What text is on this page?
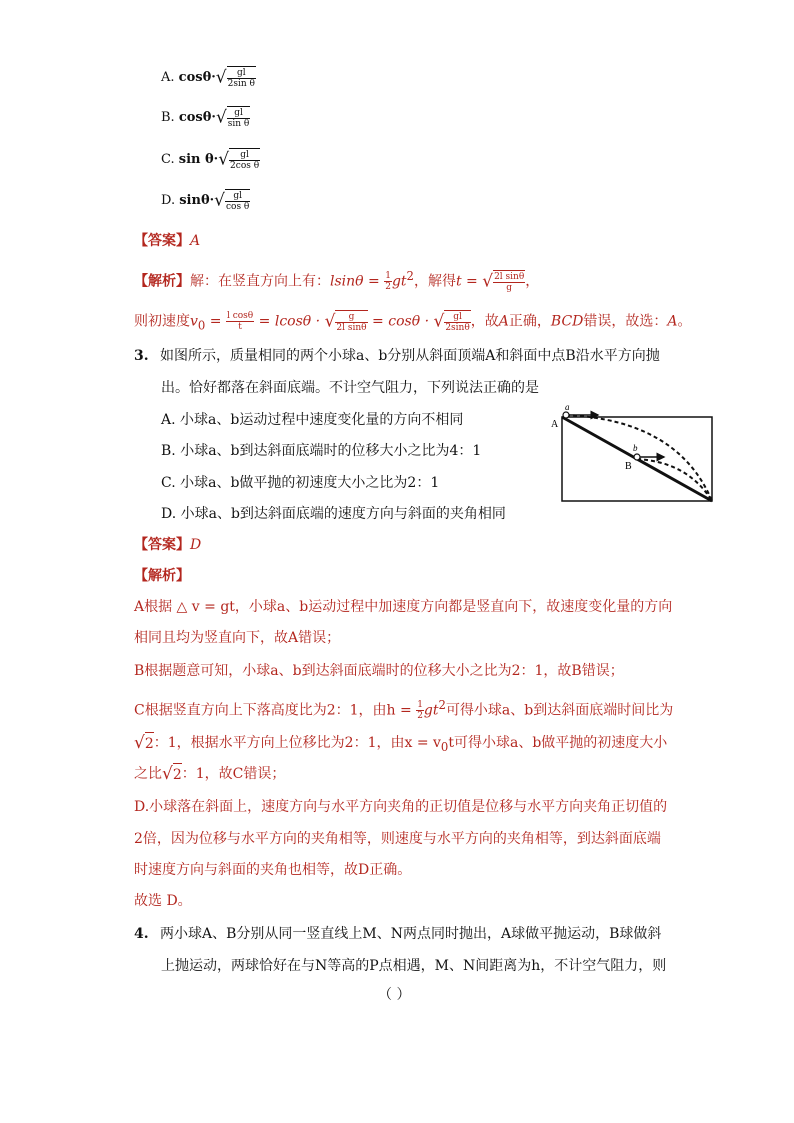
A. $\cos\theta\cdot√ \frac{gl}{\text{2sin θ}}$
B. $\cos\theta\cdot√ \frac{gl}{\text{sin θ}}$
C. $\sin \theta\cdot√ \frac{gl}{\text{2cos θ}}$
D. $\sin\theta\cdot√ \frac{gl}{\text{cos θ}}$
【答案】A
【解析】解：在竖直方向上有：$lsin\theta = \frac{1}{2} gt^2$，解得t = √ $\frac{\text{2l sinθ}}{g}$ ，
则初速度$v_0 = \frac{\text{l cosθ}}{t} = lcos\theta$ · √ $\frac{g}{\text{2l sinθ}} = \cos\theta$ · √ $\frac{gl}{2\sin\theta}$ ，故A正确，BCD错误，故选：A。
3. 如图所示，质量相同的两个小球a、b分别从斜面顶端A和斜面中点B沿水平方向抛
出。恰好都落在斜面底端。不计空气阻力，下列说法正确的是
A. 小球a、b运动过程中速度变化量的方向不相同
B. 小球a、b到达斜面底端时的位移大小之比为4：1
C. 小球a、b做平抛的初速度大小之比为2：1
D. 小球a、b到达斜面底端的速度方向与斜面的夹角相同
a
A
b
B
【答案】D
【解析】
A根据 △ v = gt，小球a、b运动过程中加速度方向都是竖直向下，故速度变化量的方向
相同且均为竖直向下，故A错误；
B根据题意可知，小球a、b到达斜面底端时的位移大小之比为2：1，故B错误；
C根据竖直方向上下落高度比为2：1，由$h = \frac{1}{2} gt^2$可得小球a、b到达斜面底端时间比为
√2：1，根据水平方向上位移比为2：1，由$x = v_0t$可得小球a、b做平抛的初速度大小
之比√2：1，故C错误；
D.小球落在斜面上，速度方向与水平方向夹角的正切值是位移与水平方向夹角正切值的
2倍，因为位移与水平方向的夹角相等，则速度与水平方向的夹角相等，到达斜面底端
时速度方向与斜面的夹角也相等，故D正确。
故选 D。
4. 两小球A、B分别从同一竖直线上M、N两点同时抛出，A球做平抛运动，B球做斜
上抛运动，两球恰好在与N等高的P点相遇，M、N间距离为h，不计空气阻力，则
（ ）
